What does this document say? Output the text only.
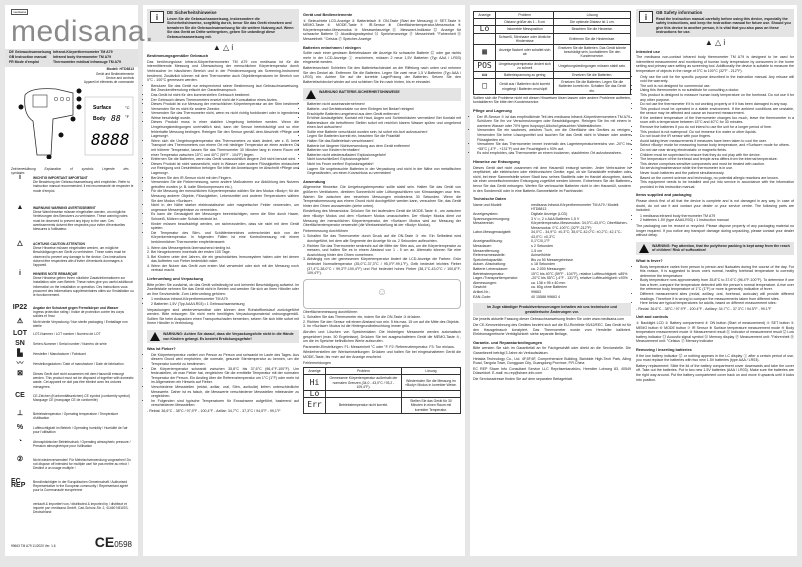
medisana
medisana.
DE Gebrauchsanweisung Infrarot-Körperthermometer TM A79
GB Instruction manual Infrared body thermometer TM A79
FR Mode d'emploi	Thermomètre médical infrarouge TM A79
Modell: HTD8813
Gerät und Bedienelemente
Device and controls
Appareil et éléments de commande
Surface
Body 88
8888
°C
°F
Zeichenerklärung Explanation of symbols Légende des symboles
i	WICHTIG IMPORTANT IMPORTANT
Die Beachtung der Gebrauchsanweisung wird empfohlen. Refer to instruction manual recommended. Il est recommandé de respecter le mode d'emploi.
▲	WARNUNG WARNING AVERTISSEMENT
Diese Warnhinweise müssen eingehalten werden, um mögliche Verletzungen des Benutzers zu verhindern. These warning notes must be observed to prevent any injury to the user. Ces avertissements doivent être respectés pour éviter d'éventuelles blessures à l'utilisateur.
△	ACHTUNG CAUTION ATTENTION
Diese Hinweise müssen eingehalten werden, um mögliche Beschädigungen am Gerät zu verhindern. These notes must be observed to prevent any damage to the device. Ces instructions doivent être respectées afin d'éviter d'éventuels dommages à l'appareil.
i	HINWEIS NOTE REMARQUE
Diese Hinweise geben Ihnen nützliche Zusatzinformationen zur Installation oder zum Betrieb. These notes give you useful additional information on the installation or operation. Ces instructions vous procurent des informations supplémentaires utiles sur l'installation ou le fonctionnement.
IP22	Angabe der Schutzart gegen Fremdkörper und Wasser
Ingress protection rating / Indice de protection contre les corps solides et l'eau
⚠	Nicht sterile Verpackung / Non sterile packaging / Emballage non stérile
LOT	LOT-Nummer / LOT number / Numéro de LOT
SN	Serien-Nummer / Serial number / Numéro de série
▙	Hersteller / Manufacturer / Fabricant
〰	Herstellungsdatum / Date of manufacture / Date de fabrication
⊠	Dieses Gerät darf nicht zusammen mit dem Hausmüll entsorgt werden. This product must not be disposed of together with domestic waste. Cet appareil ne doit pas être éliminé avec les ordures ménagères.
CE	CE-Zeichen (Konformitätszeichen) CE symbol (conformity symbol) Marquage CE (marquage CE de conformité)
⊥	Betriebstemperatur / Operating temperature / Température d'utilisation
%	Luftfeuchtigkeit im Betrieb / Operating humidity / Humidité de l'air pour l'utilisation
◔	Atmosphärischer Betriebsdruck / Operating atmospheric pressure / Pression atmosphérique pour l'utilisation
②	Nicht wiederverwenden! Für Mehrfachverwendung vorgesehen! Do not dispose off intended for multiple use! Ne pas mettre au rebut ! Destiné à un usage multiple !
EC REP
Bevollmächtigter in der Europäischen Gemeinschaft / Authorised Representative in the European community / Représentant agréé pour la Communauté européenne
verkauft & importiert von / distributed & imported by / distribué et importé par: medisana GmbH, Carl-Schurz-Str. 2, 41460 NEUSS, Deutschland
99663 TM A79 11/2020 Ver. 1.6	CE0598
i
DE Sicherheitshinweise
Lesen Sie die Gebrauchsanweisung, insbesondere die Sicherheitshinweise, sorgfältig durch, bevor Sie das Gerät einsetzen und bewahren Sie die Gebrauchsanweisung für die weitere Nutzung auf. Wenn Sie das Gerät an Dritte weitergeben, geben Sie unbedingt diese Gebrauchsanweisung mit.
▲ △ i
Bestimmungsgemäßer Gebrauch

Das berührungslose Infrarot-Körperthermometer TM A79 von medisana ist für die intermittierende Messung und Überwachung der menschlichen Körpertemperatur durch Verbraucher im häuslichen Bereich und in der Primärversorgung als Screening-Instrument bestimmt. Zusätzlich können mit dem Thermometer auch Objekttemperaturen im Bereich von 0°C - 100°C gemessen werden.

• Benutzen Sie das Gerät nur entsprechend seiner Bestimmung laut Gebrauchsanweisung. Bei Zweckentfremdung erlischt der Garantieanspruch.
• Das Gerät ist nicht für den kommerziellen Gebrauch bestimmt.
• Der Gebrauch dieses Thermometers ersetzt nicht die Konsultation eines Arztes.
• Dieses Produkt ist zur Messung der menschlichen Körpertemperatur an der Stirn bestimmt. Verwenden Sie es nicht für andere Zwecke.
• Verwenden Sie das Thermometer nicht, wenn es nicht richtig funktioniert oder in irgendeiner Weise beschädigt wurde.
• Dieses Produkt muss in einer stabilen Umgebung betrieben werden. Wenn die Umgebungsbedingungen unerhaltlich sind, kann der Sensor beeinträchtigt und so eine fehlerhafte Messung bedingen. Reinigen Sie den Sensor gemäß dem Abschnitt »Pflege und Lagerung«.
• Wenn sich die Umgebungstemperatur des Thermometers zu stark ändert, wie z. B. beim Transport des Thermometers von einem Ort mit niedriger Temperatur an einen anderen Ort mit höherer Temperatur, lassen Sie das Thermometer 30 Minuten lang in einem Raum mit einer Temperatur zwischen 15°C und 40°C (59°F - 104°F) liegen.
• Entfernen Sie die Batterien, wenn das Gerät voraussichtlich längere Zeit nicht benutzt wird.
• Dieses Produkt ist nicht wasserdicht, nicht in Wasser oder andere Flüssigkeiten eintauchen zur Reinigung und Desinfektion befolgen Sie bitte die Anweisungen im Abschnitt »Pflege und Lagerung«.
• Berühren Sie den IR-Sensor nicht mit den Fingern.
• Verwenden Sie die Fiebermessung, wenn andere Maßnahmen zur Abkühlung des Nutzers getroffen wurden (z. B. kalte Stirnkompressen etc.).
• Für die Messung der menschlichen Körpertemperatur wählen Sie den Modus »Body«; für die Messung anderer Objekte, Flüssigkeiten, Lebensmittel und anderer Temperaturen wählen Sie den Modus »Surface«.
• Nicht in der Nähe starker elektrostatischer oder magnetischer Felder verwenden, um ungenaue Messergebnisse zu vermeiden.
• Es kann die Genauigkeit der Messungen beeinträchtigen, wenn die Stirn durch Haare, Schweiß, Mützen oder Schals bedeckt ist.
• Kinder müssen beaufsichtigt werden, um sicherzustellen, dass sie nicht mit dem Gerät spielen.
• Die Temperatur des Stirn- und Schläfenbereiches unterscheidet sich von der Körperkerntemperatur. In folgenden Fällen ist eine Kontrollmessung mit einem herkömmlichen Thermometer empfehlenswert:
1. Wenn das Messergebnis überraschend niedrig ist.
2. Bei Neugeborenen innerhalb der ersten 100 Tage.
3. Bei Kindern unter drei Jahren, die ein geschwächtes Immunsystem haben oder bei denen das Auftreten von Fieber bedenklich wäre.
4. Wenn der Nutzer das Gerät zum ersten Mal verwendet oder sich mit der Messung noch vertraut macht.
Lieferumfang und Verpackung

Bitte prüfen Sie zunächst, ob das Gerät vollständig ist und keinerlei Beschädigung aufweist. Im Zweifelsfalle nehmen Sie das Gerät nicht in Betrieb und wenden Sie sich an Ihren Händler oder an Ihre Servicestelle. Zum Lieferumfang gehören:

• 1 medisana Infrarot-Körperthermometer TM A79
• 2 Batterien 1,5V (Typ AAA/LR03) • 1 Gebrauchsanweisung

Verpackungen sind wiederverwendbar oder können dem Rohstoffkreislauf zurückgeführt werden. Bitte entsorgen Sie nicht mehr benötigtes Verpackungsmaterial ordnungsgemäß. Sollten Sie beim Auspacken einen Transportschaden bemerken, setzen Sie sich bitte sofort mit Ihrem Händler in Verbindung.

WARNUNG: Achten Sie darauf, dass die Verpackungsfolie nicht in die Hände von Kindern gelangt. Es besteht Erstickungsgefahr!
Was ist Fieber?
• Die Körpertemperatur variiert von Person zu Person und schwankt im Laufe des Tages. Aus diesem Grund wird empfohlen, die normale, gesunde Stirntemperatur zu kennen, um die Temperatur korrekt zu bestimmen.
• Die Körpertemperatur schwankt zwischen 35,8°C bis 37,6°C (96,4°F-100°F). Um festzustellen, ob man Fieber hat, vergleichen Sie die ermittelte Temperatur mit der normalen Temperatur der Person. Ein Anstieg über die Referenztemperatur um 1°C (1°F) oder mehr ist im Allgemeinen ein Hinweis auf Fieber.
• Verschiedene Messstellen (rektal, axillar, oral, Stirn, aurikulär) liefern unterschiedliche Messwerte. Daher ist es falsch, die Messwerte verschiedener Messstellen miteinander zu vergleichen.
• Im Folgenden sind typische Temperaturen für Erwachsene aufgeführt, basierend auf verschiedenen Messstellen:

- Rektal: 36,6°C - 38°C / 97,9°F - 100,4°F - Axillar: 34,7°C - 37,3°C / 94,5°F - 99,1°F

Gerät und Bedienelemente

① Beleuchtete LCD-Anzeige ② Batteriefach ③ ON-Taste (Start der Messung) ④ SET-Taste ⑤ MEMO-Taste ⑥ MODE-Taste ⑦ IR-Sensor ⑧ Oberflächentemperatur-Messmodus ⑨ Körpertemperatur-Messmodus ⑩ Messwertanzeige ⑪ Messwert-Indikator ⑫ Anzeige für schwache Batterie ⑬ Akustiksignalsymbol ⑭ Speicheranzeige ⑮ Messeinheit: °Fahrenheit ⑯ Messeinheit: °Celsius ⑰ Speicher-Anzeige

Batterien entnehmen / einlegen

Sollte nach einer gewissen Betriebsdauer die Anzeige für schwache Batterie ⑫ oder gar nichts mehr in der LCD-Anzeige ① erscheinen, müssen 2 neue 1,5V Batterien (Typ AAA / LR03) eingesetzt werden.

Batteriewechsel: Schieben Sie den Batteriefachdeckel an der Riffelung nach unten und nehmen Sie den Deckel ab. Entfernen Sie die Batterien. Legen Sie zwei neue 1,5 V-Batterien (Typ AAA / LR03) ein. Achten Sie auf die korrekte Lage/Polung der Batterien. Setzen Sie den Batteriefachdeckel wieder auf und schieben Sie ihn nach hinten, bis er einrastet.

WARNUNG BATTERIE-SICHERHEITSHINWEISE
• Batterien nicht auseinandernehmen!
• Batterie- und Gerätekontakte vor dem Einlegen bei Bedarf reinigen!
• Erschöpfte Batterien umgehend aus dem Gerät entfernen!
• Erhöhte Auslaufgefahr, Kontakt mit Haut, Augen und Schleimhäuten vermeiden! Bei Kontakt mit Batteriesäure die betroffenen Stellen sofort mit reichlich klarem Wasser spülen und umgehend einen Arzt aufsuchen!
• Sollte eine Batterie verschluckt worden sein, ist sofort ein Arzt aufzusuchen!
• Legen Sie Batterien korrekt ein, beachten Sie die Polarität!
• Halten Sie das Batteriefach verschlossen!
• Batterie bei längerer Nichtverwendung aus dem Gerät entfernen!
• Batterien von Kindern fernhalten!
• Batterien nicht wiederaufladen! Explosionsgefahr!
• Nicht kurzschließen! Explosionsgefahr!
• Nicht ins Feuer werfen! Explosionsgefahr!
• Lagern Sie ungebrauchte Batterien in der Verpackung und nicht in der Nähe von metallischen Gegenständen, um einen Kurzschluss zu vermeiden!
Anwendung

Allgemeine Hinweise: Die Umgebungstemperatur sollte stabil sein. Halten Sie das Gerät von größeren Ventilatoren, direktem Sonnenlicht oder Lüftungsschlitzen von Klimaanlagen usw. fern. Warten Sie zwischen den einzelnen Messungen mindestens 30 Sekunden. Wenn die Temperaturmessung aus einem Grund nicht durchgeführt werden kann, versuchen Sie, das Gerät hinter den Ohren anzuwenden (siehe unten).

Einstellung des Messmodus: Drücken Sie bei laufendem Gerät die MODE-Taste ⑥, um zwischen dem »Body« Modus und dem »Surface« Modus umzuschalten. Der »Body« Modus dient zur Messung der menschlichen Körpertemperatur, der »Surface« Modus wird zur Messung der Oberflächentemperatur verwendet (die Werkseinstellung ist der »Body« Modus).

Fiebermessung durchführen

1. Schalten Sie das Thermometer durch Druck auf die ON-Taste ③ ein. Ein Selbsttest wird durchgeführt, bei dem alle Segmente der Anzeige für ca. 2 Sekunden aufleuchten.
2. Richten Sie das Thermometer senkrecht auf die Mitte der Stirn aus, um die Körpertemperatur zu messen, und halten Sie es in einem Abstand von 1 - 5 cm an. Alternativ können Sie eine Ausrichtung hinter den Ohren vornehmen.
3. Abhängig von der gemessenen Körpertemperatur ändert die LCD-Anzeige die Farben: Grün bedeutet Normaltemperatur (35,0°C-37,3°C / 95,0°F-99,1°F), Gelb bedeutet leichtes Fieber (37,4°C-38,0°C / 99,3°F-100,4°F) und Rot bedeutet hohes Fieber (38,1°C-43,0°C / 100,6°F-109,4°F).
☺

Oberflächenmessung durchführen

1. Schalten Sie das Thermometer ein, indem Sie die ON-Taste ③ drücken.
2. Richten Sie den Sensor mit einem Abstand von min. 5 bis max. 15 cm auf die Mitte des Objekts.
3. Im »Surface« Modus ist die Hintergrundbeleuchtung immer grün.

Abrufen und Löschen von Speicherdaten: Die bisherigen Messwerte werden automatisch gespeichert (max. 50 Ergebnisse). Drücken Sie bei ausgeschaltetem Gerät die MEMO-Taste ⑤, um die im Speicher befindlichen Werte aufzurufen.

Parameter-Einstellungen: F1: Messeinheit °C oder °F. F2: Referenztemperatur. F3: Ton ein/aus.

Wiederherstellen der Werkseinstellungen: Drücken und halten Sie bei eingeschaltetem Gerät die MODE-Taste, bis »rst« auf der Anzeige erscheint.

Fehlermeldungen

Anzeige	Problem	Lösung
Hi	Gemessene Körpertemperatur außerhalb der normalen Grenzen (34,0 - 43,0°C / 93,2 - 109,4°F).	Wiederholen Sie die Messung im »Body« Modus in korrekter Weise.
Lo		
Err	Betriebstemperatur nicht korrekt.	Stellen Sie das Gerät für 30 Minuten in einen Raum mit korrekter Temperatur.
Anzeige	Problem	Lösung
	Distanz größer als 1 - 5 cm	Die optimale Distanz ist 1 cm.
Lo	Inkorrekte Messposition	Beachten Sie die Hinweise.
	Schweiß, Stirnhaare oder ähnliche Hindernisse	Entfernen Sie die Hindernisse.
▦	Anzeige flackert oder schaltet sich ab	Ersetzen Sie die Batterien. Das Gerät könnte beschädigt sein, kontaktieren Sie den Kundenservice.
POS	Umgebungstemperatur ändert sich zu schnell	Umgebungsbedingungen müssen stabil sein.
▭	Batteriespannung zu gering	Ersetzen Sie die Batterien.
□	Gerät aus / Batterien nicht korrekt eingelegt / Batterien erschöpft	Ersetzen Sie die Batterien. Legen Sie die Batterien korrekt ein. Schalten Sie das Gerät ein.

Sollten sich die Probleme nicht mit diesen Hinweisen lösen lassen oder andere Probleme auftreten, kontaktieren Sie bitte den Kundenservice.

Pflege und Lagerung
• Der IR-Sensor ⑦ ist das empfindlichste Teil des medisana Infrarot-Körperthermometers TM A79. Schützen Sie ihn vor Verschmutzungen oder Beschädigungen. Reinigen Sie ihn mit einem in warmem Wasser oder 70% igem Isopropyl-Alkohol getauchten Wattestäbchen.
• Verwenden Sie ein sauberes, weiches Tuch, um die Oberfläche des Gerätes zu reinigen. Verwenden Sie keine Lösungsmittel und tauchen Sie das Gerät nicht in Wasser oder andere Flüssigkeiten ein.
• Verwahren Sie das Thermometer immer innerhalb des Lagertemperaturbereichs von -20°C bis +55°C (-4°F - +131°F) und der Feuchtigkeit ≤ 93% auf.
• Es wird empfohlen, das Thermometer an einem trockenen, staubfreien Ort aufzubewahren.
Hinweise zur Entsorgung

Dieses Gerät darf nicht zusammen mit dem Hausmüll entsorgt werden. Jeder Verbraucher ist verpflichtet, alle elektrischen oder elektronischen Geräte, egal, ob sie Schadstoffe enthalten oder nicht, bei einer Sammelstelle seiner Stadt bzw. seines Stadtteils oder im Handel abzugeben, damit sie einer umweltschonenden Entsorgung zugeführt werden können. Entnehmen Sie die Batterien, bevor Sie das Gerät entsorgen. Werfen Sie verbrauchte Batterien nicht in den Hausmüll, sondern in den Sondermüll oder in eine Batterie-Sammelstelle im Fachhandel.

Technische Daten
Name und Modell:	medisana Infrarot-Körperthermometer TM A79 / Modell: HTD8813
Anzeigesystem:	Digitale Anzeige (LCD)
Spannungsversorgung:	3 V ═, 2 x AAA Batterien 1,5 V
Messbereich:	Körpertemperatur-Messmodus: 34,0°C-43,0°C; Oberflächen-Messmodus: 0°C-100°C (32°F-212°F)
Labor-Messgenauigkeit:	34,0°C - 34,9°C: ±0,3°C; 35,0°C-42,0°C: ±0,2°C; 42,1°C-43,0°C: ±0,3°C
Anzeigeauflösung:	0,1°C/0,1°F
Messdauer:	≤ 2 Sekunden
Messentfernung:	1-5 cm
Referenzmessstelle:	Achselhöhle
Speicherkapazität:	Bis zu 50 Messergebnisse
Autom. Abschaltung:	≤ 18 Sekunden
Batterie Lebensdauer:	ca. 2.000 Messungen
Betriebstemperatur:	15°C bis 40°C (59°F - 104°F), relative Luftfeuchtigkeit: ≤85%
Lager-/Transporttemperatur:	-20°C bis 55°C (-4°F - 131°F), relative Luftfeuchtigkeit: ≤93%
Abmessungen:	ca. 138 x 95 x 40 mm
Gewicht:	ca. 80g ohne Batterien
Artikel-Nr.:	99663
EAN-Code:	40 15588 99663 4
Im Zuge ständiger Produktverbesserungen behalten wir uns technische und gestalterische Änderungen vor.

Die jeweils aktuelle Fassung dieser Gebrauchsanweisung finden Sie unter www.medisana.com

Die CE-Kennzeichnung des Gerätes bezieht sich auf die EU-Richtlinie 93/42/EEC. Das Gerät ist für den Hausgebrauch konzipiert. Das Thermometer wurde vom Hersteller kalibriert. Elektromagnetische Verträglichkeit: siehe separate Beilage.

Garantie- und Reparaturbedingungen

Bitte wenden Sie sich im Garantiefall an Ihr Fachgeschäft oder direkt an die Servicestelle. Die Garantiezeit beträgt 3 Jahre ab Verkaufsdatum.

Hetaida Technology Co., Ltd. 4F,5F,6F, Comprehensive Building, Bainbide High-Tech Park, Ailing Road, Tangxia Town, Dongguan City, Guangdong Province, P.R.China

EC REP Share Info Consultant Service LLC Repräsentanzbüro, Heerdter Lohweg 83, 40549 Düsseldorf. E-mail: eu-rep@share-info.com

Die Serviceadresse finden Sie auf dem separaten Beilageblatt.

i
GB Safety information
Read the instruction manual carefully before using this device, especially the safety instructions, and keep the instruction manual for future use. Should you give this device to another person, it is vital that you also pass on these instructions for use.
▲ △ i
Intended use

The medisana non-contact infrared body thermometer TM A79 is designed to be used for intermittent measurement and monitoring of human body temperature by consumers in the home setting and primary care setting as screening tool. Additionally the device is suitable to measure the temperature of objects in the range of 0°C to 100°C (32°F - 212°F).

• Only use the unit for the specific purpose described in the instruction manual. Any misuse will void the warranty.
• The unit is not designed for commercial use.
• Using this thermometer is no substitute for consulting a doctor.
• This product is designed to measure human body temperature on the forehead. Do not use it for any other purpose.
• Do not use the thermometer if it is not working properly or if it has been damaged in any way.
• This product must be operated in a stable environment. If the ambient conditions are unstable, the sensor may be affected and cause an incorrect measurement.
• If the ambient temperature of the thermometer changes too much, leave the thermometer in a room with a temperature between 15°C and 40°C for 30 minutes.
• Remove the batteries if you do not intend to use the unit for a longer period of time.
• This product is not waterproof. Do not immerse it in water or other liquids.
• Do not touch the IR sensor with your fingers.
• Avoid taking fever measurements if measures have been taken to cool the user.
• Select »Body« mode for measuring human body temperature, and »Surface« mode for others.
• Do not use near strong electrostatic or magnetic fields.
• Children must be supervised to ensure that they do not play with the device.
• The temperature of the forehead and temple area differs from the internal temperature.
• This device comprises sensitive components and must be treated with caution.
• No servicing/maintenance while the thermometer is in use.
• Never touch batteries and the patient simultaneously.
• Based on the current science and technology, no potential allergic reactions are known.
• This equipment needs to be installed and put into service in accordance with the information provided in this instruction manual.
Items supplied and packaging

Please check first of all that the device is complete and is not damaged in any way. In case of doubt, do not use it and contact your dealer or your service centre. The following parts are included:

• 1 medisana infrared body thermometer TM A79
• 2 batteries 1.5V (type AAA/LR03) • 1 Instruction manual

The packaging can be reused or recycled. Please dispose properly of any packaging material no longer required. If you notice any transport damage during unpacking, please contact your dealer without delay.

WARNING: Pay attention, that the polythene packing is kept away from the reach of children! Risk of suffocation!
What is fever?
• Body temperature varies from person to person and fluctuates during the course of the day. For this reason, it is suggested to know one's normal, healthy forehead temperature to correctly determine the temperature.
• Body temperature runs approximately from 35.8°C to 37.6°C (96.4°F-100°F). To determine if one has a fever, compare the temperature detected with the person's normal temperature. A rise over the reference body temperature of 1°C (1°F) or more is generally indicative of fever.
• Different measurement sites (rectal, axillary, oral, forehead, auricular) will provide different readings. Therefore it is wrong to compare the measurements taken from different sites.
• Here below are typical temperatures for adults, based on different measurement sites:

- Rectal: 36.6°C - 38°C / 97.9°F - 100.4°F - Axillary: 34.7°C - 37.3°C / 94.5°F - 99.1°F

Unit and controls

① Backlight LCD ② Battery compartment ③ ON button (Start of measurement) ④ SET button ⑤ MEMO button ⑥ MODE button ⑦ IR Sensor ⑧ Surface temperature measurement mode ⑨ Body temperature measurement mode ⑩ Measurement result ⑪ Indicator of measurement result ⑫ Low battery indicator ⑬ Acoustic signal symbol ⑭ Memory display ⑮ Measurement unit: °Fahrenheit ⑯ Measurement unit: °Celsius ⑰ Memory indicator

Removing / inserting batteries

If the low battery indicator ⑫ or nothing appears in the LC display ① after a certain period of use, you must replace the batteries with two new 1.5V batteries (type AAA / LR03).

Battery replacement: Slide the lid of the battery compartment cover downwards and take the cover off. Take out the batteries. Put in two new 1.5V batteries (AAA / LR03). Make sure the batteries are the right way around. Put the battery compartment cover back on and move it upwards until it locks into position.
